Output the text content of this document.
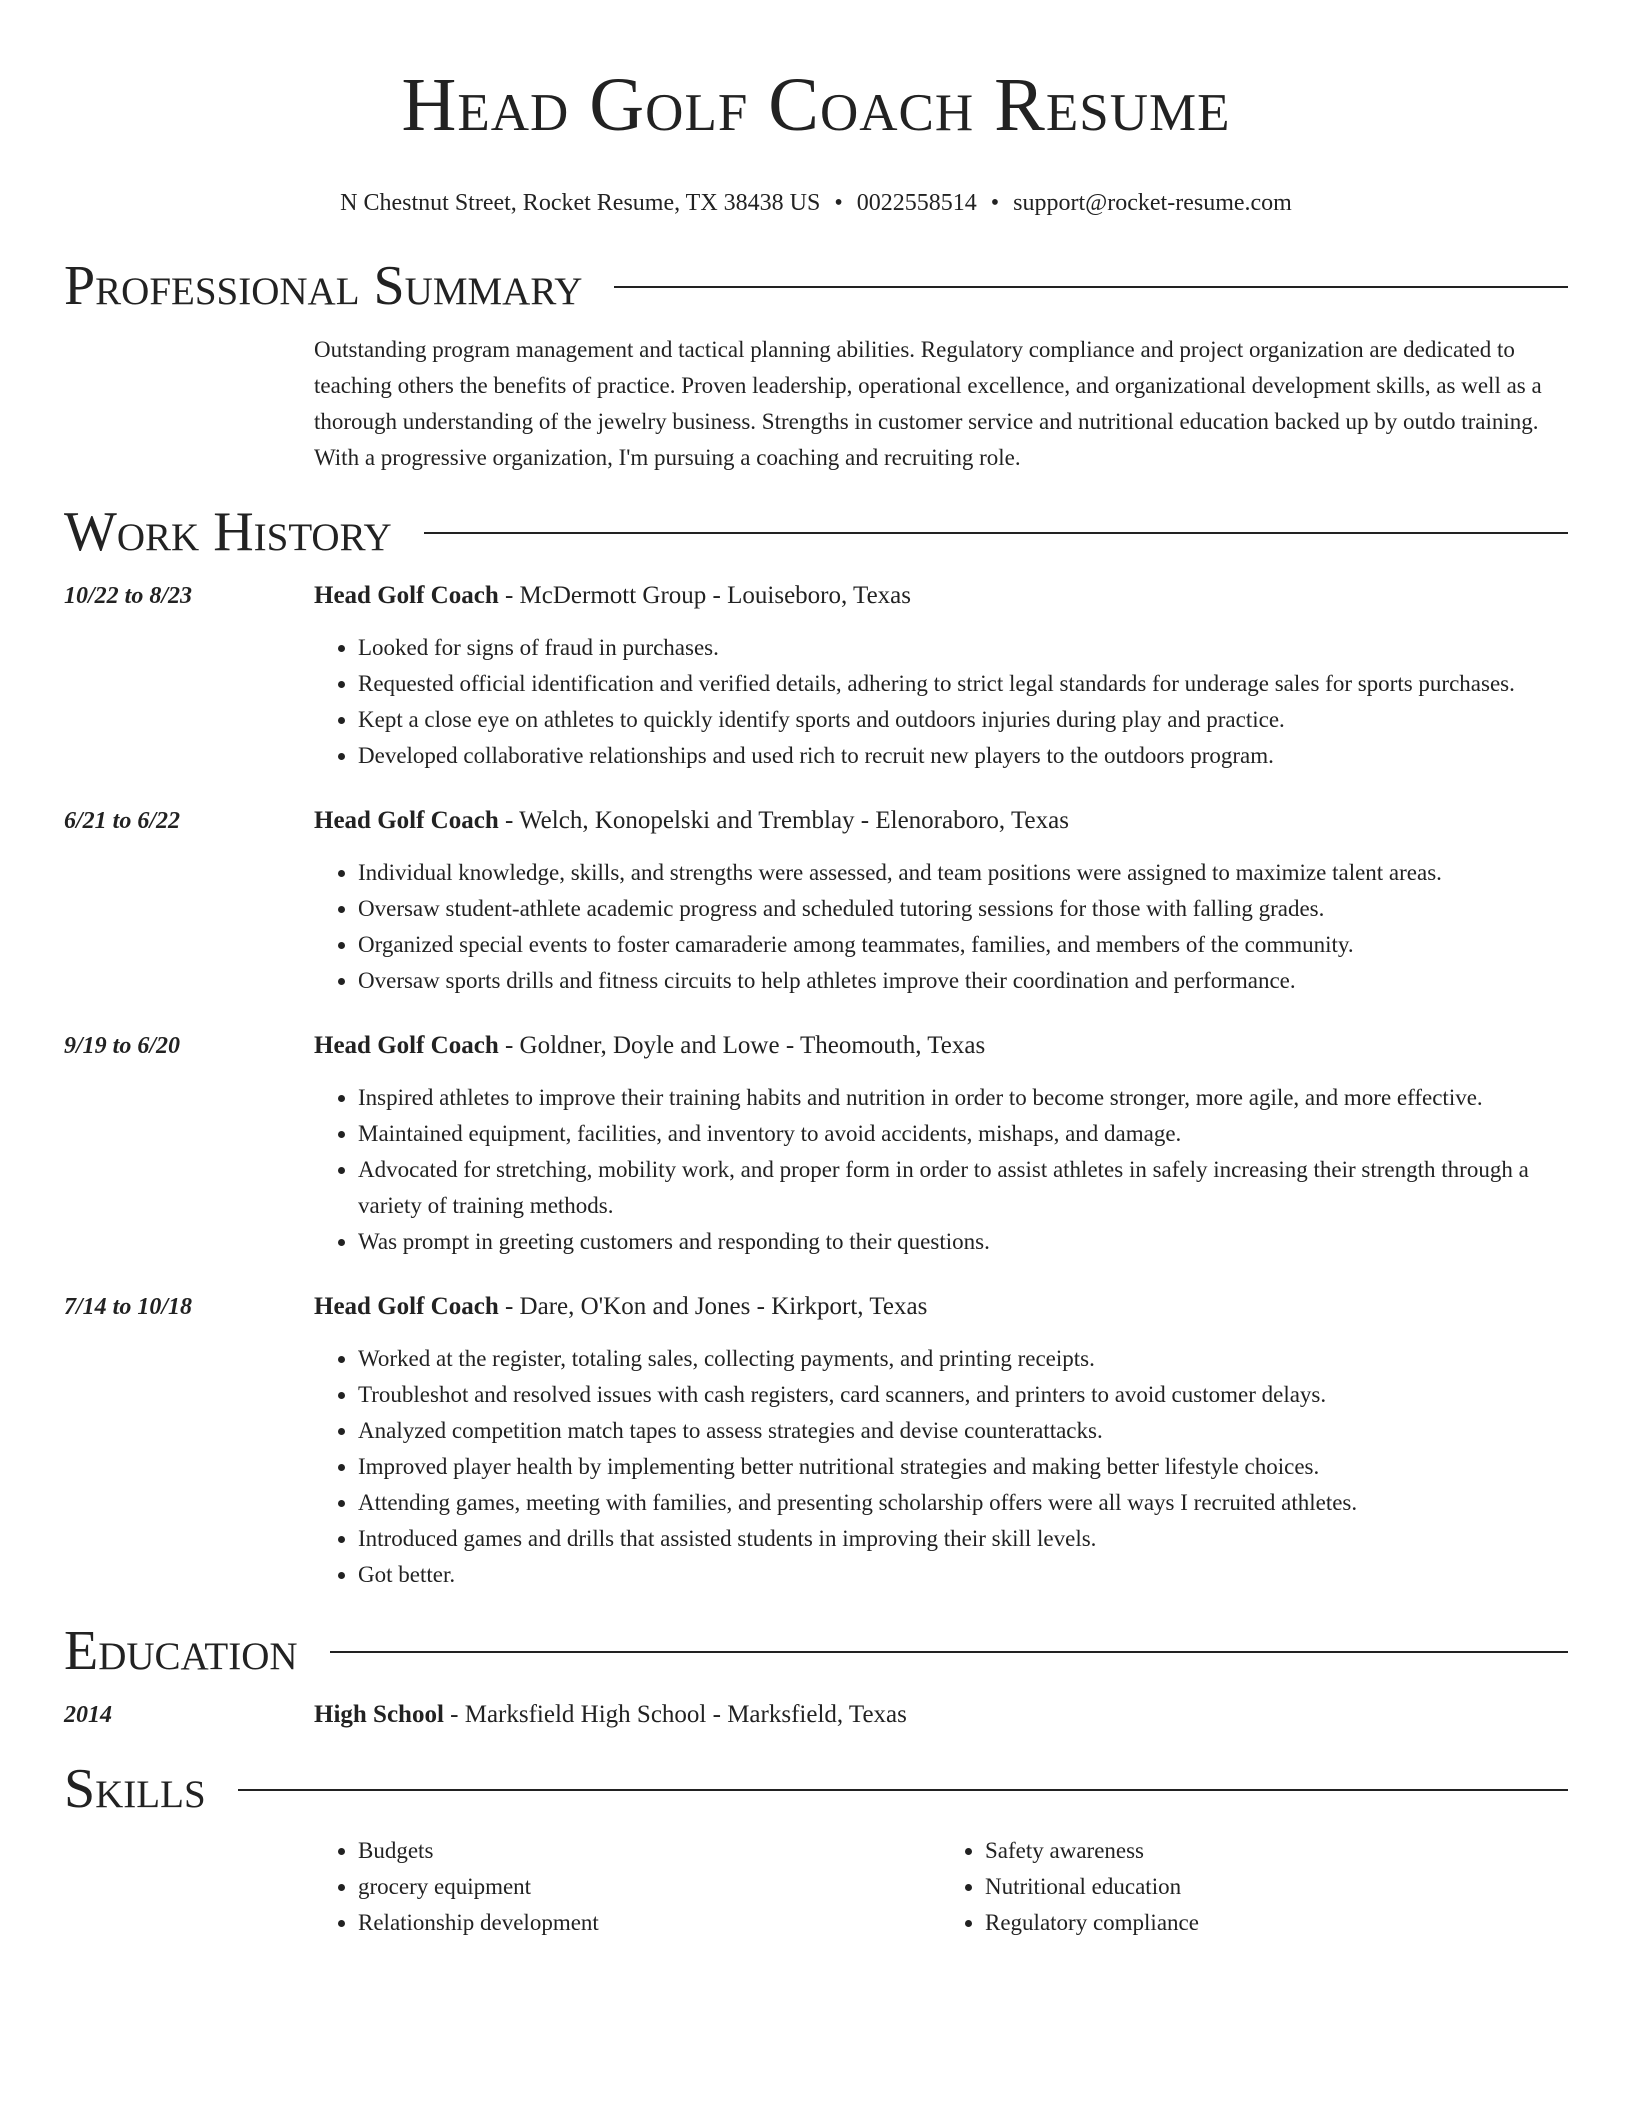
Head Golf Coach Resume
N Chestnut Street, Rocket Resume, TX 38438 US • 0022558514 • support@rocket-resume.com
Professional Summary

Outstanding program management and tactical planning abilities. Regulatory compliance and project organization are dedicated to teaching others the benefits of practice. Proven leadership, operational excellence, and organizational development skills, as well as a thorough understanding of the jewelry business. Strengths in customer service and nutritional education backed up by outdo training. With a progressive organization, I'm pursuing a coaching and recruiting role.

Work History
10/22 to 8/23	Head Golf Coach - McDermott Group - Louiseboro, Texas
• Looked for signs of fraud in purchases.
• Requested official identification and verified details, adhering to strict legal standards for underage sales for sports purchases.
• Kept a close eye on athletes to quickly identify sports and outdoors injuries during play and practice.
• Developed collaborative relationships and used rich to recruit new players to the outdoors program.
6/21 to 6/22	Head Golf Coach - Welch, Konopelski and Tremblay - Elenoraboro, Texas
• Individual knowledge, skills, and strengths were assessed, and team positions were assigned to maximize talent areas.
• Oversaw student-athlete academic progress and scheduled tutoring sessions for those with falling grades.
• Organized special events to foster camaraderie among teammates, families, and members of the community.
• Oversaw sports drills and fitness circuits to help athletes improve their coordination and performance.
9/19 to 6/20	Head Golf Coach - Goldner, Doyle and Lowe - Theomouth, Texas
• Inspired athletes to improve their training habits and nutrition in order to become stronger, more agile, and more effective.
• Maintained equipment, facilities, and inventory to avoid accidents, mishaps, and damage.
• Advocated for stretching, mobility work, and proper form in order to assist athletes in safely increasing their strength through a variety of training methods.
• Was prompt in greeting customers and responding to their questions.
7/14 to 10/18	Head Golf Coach - Dare, O'Kon and Jones - Kirkport, Texas
• Worked at the register, totaling sales, collecting payments, and printing receipts.
• Troubleshot and resolved issues with cash registers, card scanners, and printers to avoid customer delays.
• Analyzed competition match tapes to assess strategies and devise counterattacks.
• Improved player health by implementing better nutritional strategies and making better lifestyle choices.
• Attending games, meeting with families, and presenting scholarship offers were all ways I recruited athletes.
• Introduced games and drills that assisted students in improving their skill levels.
• Got better.
Education
2014	High School - Marksfield High School - Marksfield, Texas
Skills
• Budgets
• grocery equipment
• Relationship development
• Safety awareness
• Nutritional education
• Regulatory compliance
